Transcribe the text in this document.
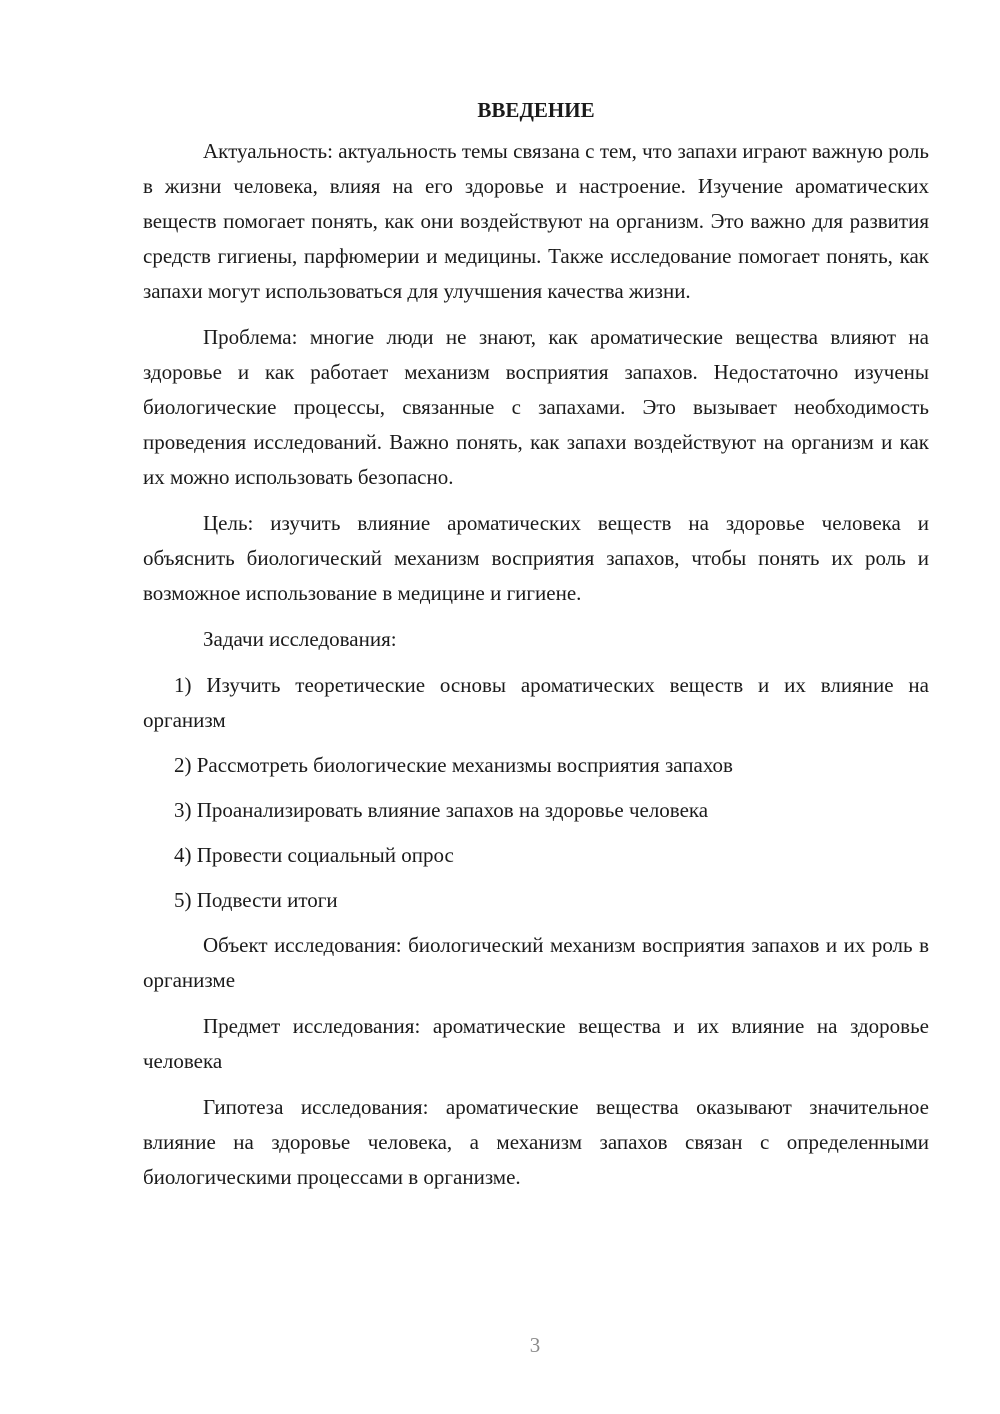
ВВЕДЕНИЕ

Актуальность: актуальность темы связана с тем, что запахи играют важную роль в жизни человека, влияя на его здоровье и настроение. Изучение ароматических веществ помогает понять, как они воздействуют на организм. Это важно для развития средств гигиены, парфюмерии и медицины. Также исследование помогает понять, как запахи могут использоваться для улучшения качества жизни.

Проблема: многие люди не знают, как ароматические вещества влияют на здоровье и как работает механизм восприятия запахов. Недостаточно изучены биологические процессы, связанные с запахами. Это вызывает необходимость проведения исследований. Важно понять, как запахи воздействуют на организм и как их можно использовать безопасно.

Цель: изучить влияние ароматических веществ на здоровье человека и объяснить биологический механизм восприятия запахов, чтобы понять их роль и возможное использование в медицине и гигиене.

Задачи исследования:

1) Изучить теоретические основы ароматических веществ и их влияние на организм

2) Рассмотреть биологические механизмы восприятия запахов

3) Проанализировать влияние запахов на здоровье человека

4) Провести социальный опрос

5) Подвести итоги

Объект исследования: биологический механизм восприятия запахов и их роль в организме

Предмет исследования: ароматические вещества и их влияние на здоровье человека

Гипотеза исследования: ароматические вещества оказывают значительное влияние на здоровье человека, а механизм запахов связан с определенными биологическими процессами в организме.

3
